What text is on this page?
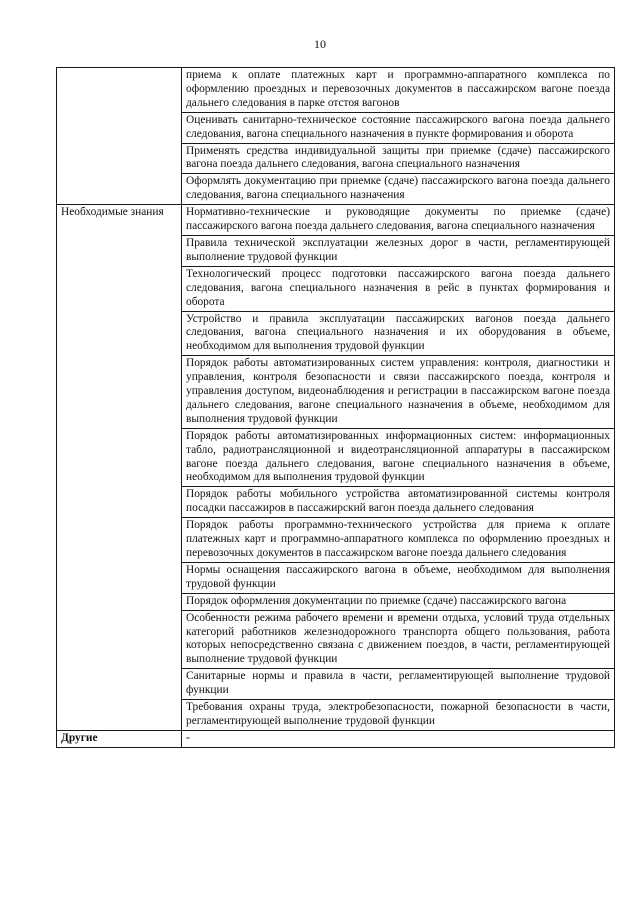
10
	приема к оплате платежных карт и программно-аппаратного комплекса по оформлению проездных и перевозочных документов в пассажирском вагоне поезда дальнего следования в парке отстоя вагонов
	Оценивать санитарно-техническое состояние пассажирского вагона поезда дальнего следования, вагона специального назначения в пункте формирования и оборота
	Применять средства индивидуальной защиты при приемке (сдаче) пассажирского вагона поезда дальнего следования, вагона специального назначения
	Оформлять документацию при приемке (сдаче) пассажирского вагона поезда дальнего следования, вагона специального назначения
Необходимые знания	Нормативно-технические и руководящие документы по приемке (сдаче) пассажирского вагона поезда дальнего следования, вагона специального назначения
	Правила технической эксплуатации железных дорог в части, регламентирующей выполнение трудовой функции
	Технологический процесс подготовки пассажирского вагона поезда дальнего следования, вагона специального назначения в рейс в пунктах формирования и оборота
	Устройство и правила эксплуатации пассажирских вагонов поезда дальнего следования, вагона специального назначения и их оборудования в объеме, необходимом для выполнения трудовой функции
	Порядок работы автоматизированных систем управления: контроля, диагностики и управления, контроля безопасности и связи пассажирского поезда, контроля и управления доступом, видеонаблюдения и регистрации в пассажирском вагоне поезда дальнего следования, вагоне специального назначения в объеме, необходимом для выполнения трудовой функции
	Порядок работы автоматизированных информационных систем: информационных табло, радиотрансляционной и видеотрансляционной аппаратуры в пассажирском вагоне поезда дальнего следования, вагоне специального назначения в объеме, необходимом для выполнения трудовой функции
	Порядок работы мобильного устройства автоматизированной системы контроля посадки пассажиров в пассажирский вагон поезда дальнего следования
	Порядок работы программно-технического устройства для приема к оплате платежных карт и программно-аппаратного комплекса по оформлению проездных и перевозочных документов в пассажирском вагоне поезда дальнего следования
	Нормы оснащения пассажирского вагона в объеме, необходимом для выполнения трудовой функции
	Порядок оформления документации по приемке (сдаче) пассажирского вагона
	Особенности режима рабочего времени и времени отдыха, условий труда отдельных категорий работников железнодорожного транспорта общего пользования, работа которых непосредственно связана с движением поездов, в части, регламентирующей выполнение трудовой функции
	Санитарные нормы и правила в части, регламентирующей выполнение трудовой функции
	Требования охраны труда, электробезопасности, пожарной безопасности в части, регламентирующей выполнение трудовой функции
Другие	-
